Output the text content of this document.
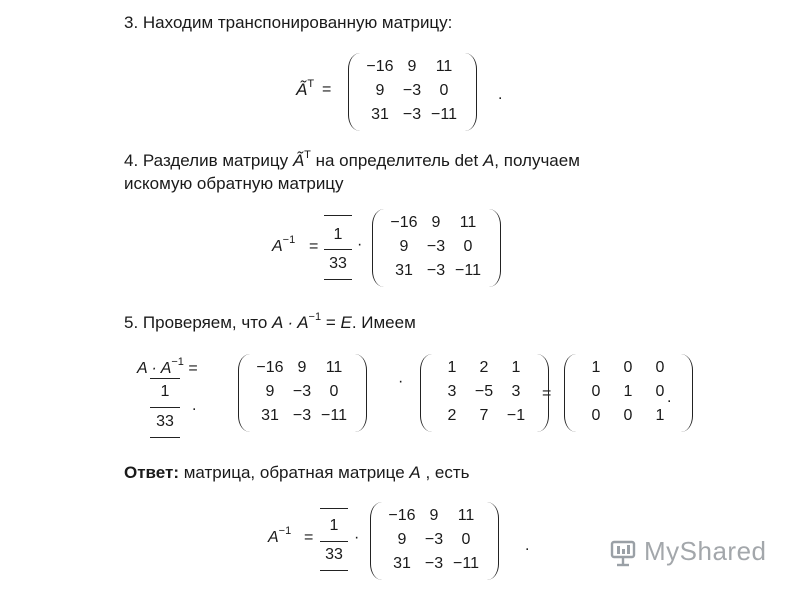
3. Находим транспонированную матрицу:
$Ã^T$ =	.
4. Разделив матрицу $Ã^T$ на определитель det A, получаем
искомую обратную матрицу
$A^{-1}$ =
1
33
·
5. Проверяем, что $A \cdot A^{-1} = E$. Имеем
$A \cdot A^{-1}$ =
1
33
.
·
=	.
Ответ: матрица, обратная матрице A , есть
$A^{-1}$ =
1
33
·	.	MyShared
−16 9	11
9	−3	0
31 −3 −11
−16 9	11
9	−3	0
31 −3 −11
−16 9	11
9	−3	0
31 −3 −11
1	2	1
3	−5	3
2	7	−1
1	0	0
0	1	0
0	0	1
−16 9	11
9	−3	0
31 −3 −11
